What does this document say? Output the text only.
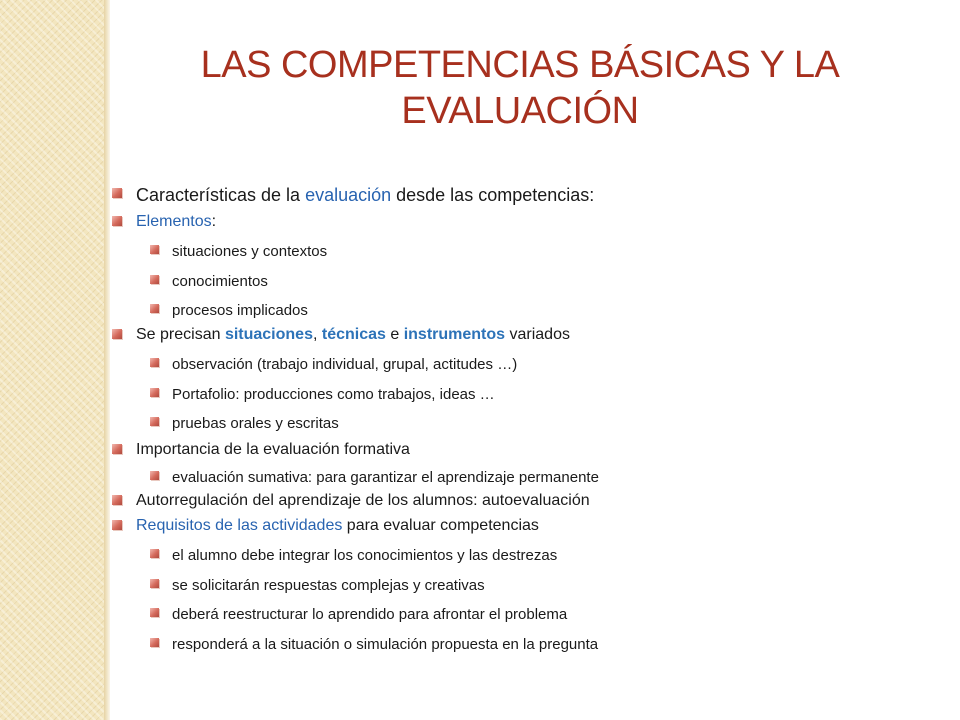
LAS COMPETENCIAS BÁSICAS Y LA EVALUACIÓN
Características de la evaluación desde las competencias:
Elementos:
situaciones y contextos
conocimientos
procesos implicados
Se precisan situaciones, técnicas e instrumentos variados
observación (trabajo individual, grupal, actitudes …)
Portafolio: producciones como trabajos, ideas …
pruebas orales y escritas
Importancia de la evaluación formativa
evaluación sumativa: para garantizar el aprendizaje permanente
Autorregulación del aprendizaje de los alumnos: autoevaluación
Requisitos de las actividades para evaluar competencias
el alumno debe integrar los conocimientos y las destrezas
se solicitarán respuestas complejas y creativas
deberá reestructurar lo aprendido para afrontar el problema
responderá a la situación o simulación propuesta en la pregunta
